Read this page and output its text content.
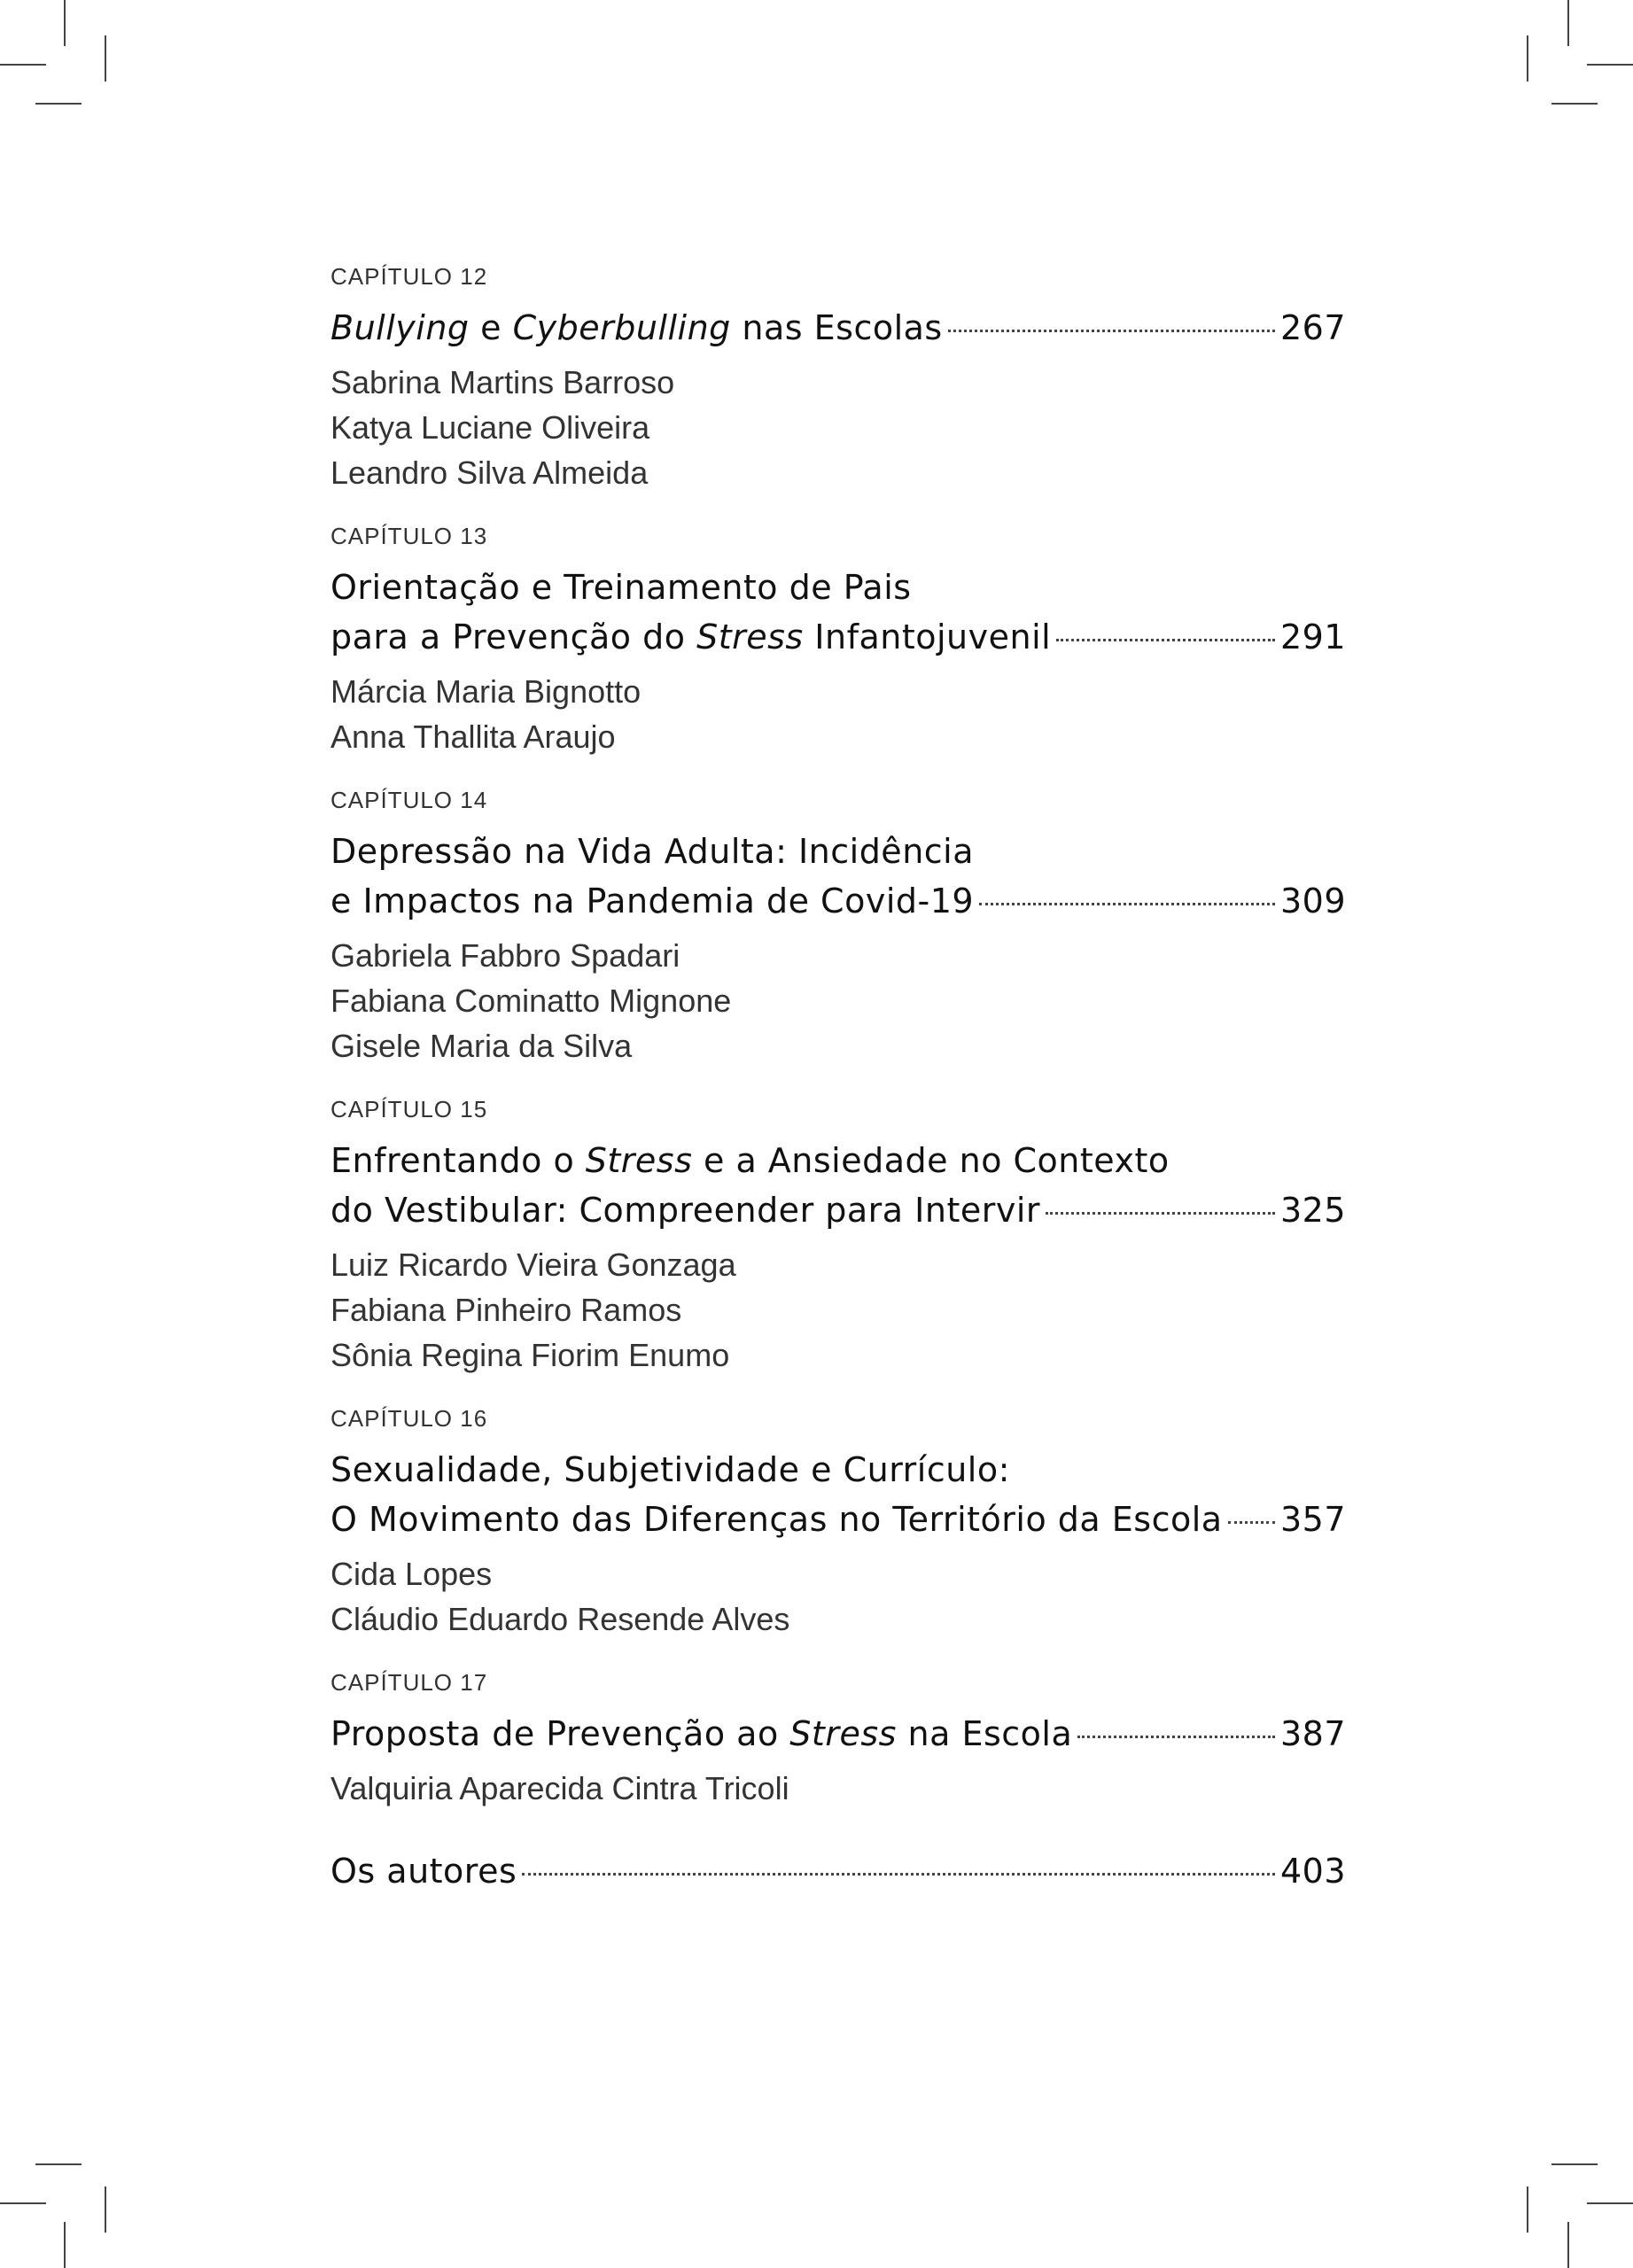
CAPÍTULO 12
Bullying e Cyberbulling nas Escolas	267
Sabrina Martins Barroso
Katya Luciane Oliveira
Leandro Silva Almeida
CAPÍTULO 13
Orientação e Treinamento de Pais
para a Prevenção do Stress Infantojuvenil	291
Márcia Maria Bignotto
Anna Thallita Araujo
CAPÍTULO 14
Depressão na Vida Adulta: Incidência
e Impactos na Pandemia de Covid-19	309
Gabriela Fabbro Spadari
Fabiana Cominatto Mignone
Gisele Maria da Silva
CAPÍTULO 15
Enfrentando o Stress e a Ansiedade no Contexto
do Vestibular: Compreender para Intervir	325
Luiz Ricardo Vieira Gonzaga
Fabiana Pinheiro Ramos
Sônia Regina Fiorim Enumo
CAPÍTULO 16
Sexualidade, Subjetividade e Currículo:
O Movimento das Diferenças no Território da Escola 357
Cida Lopes
Cláudio Eduardo Resende Alves
CAPÍTULO 17
Proposta de Prevenção ao Stress na Escola	387
Valquiria Aparecida Cintra Tricoli
Os autores	403
